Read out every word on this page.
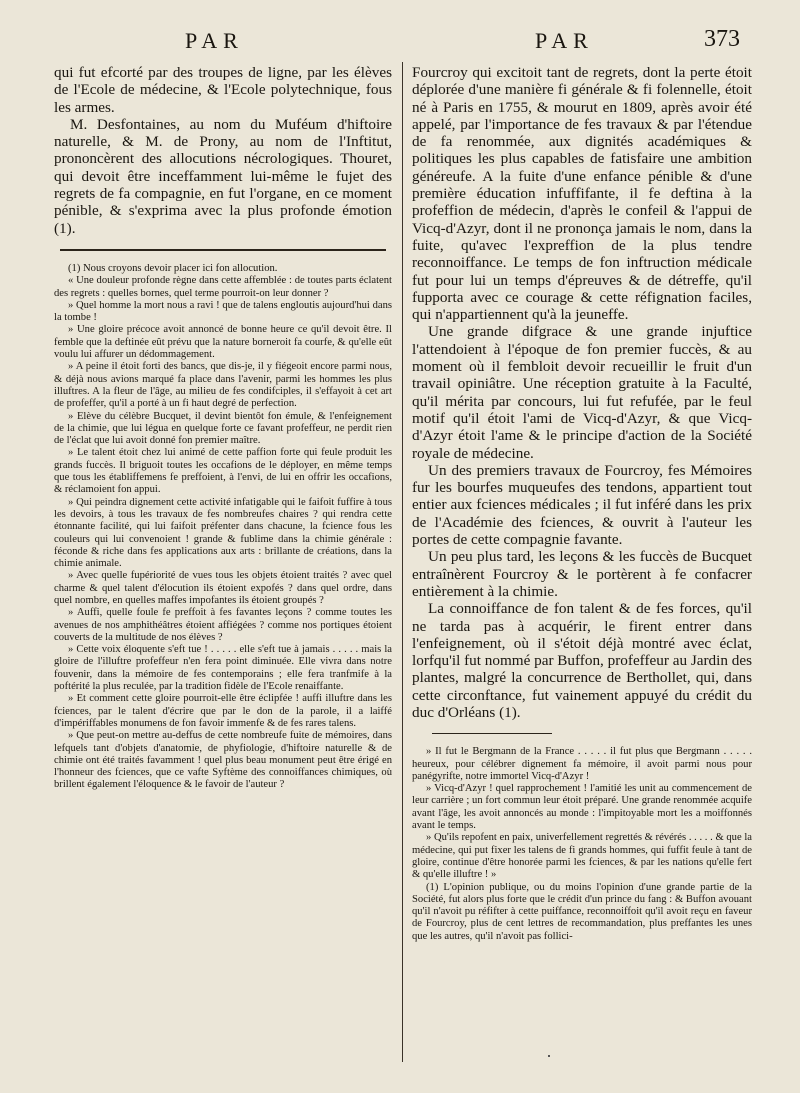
PAR	PAR	373

qui fut efcorté par des troupes de ligne, par les élèves de l'Ecole de médecine, & l'Ecole polytechnique, fous les armes.

M. Desfontaines, au nom du Muféum d'hiftoire naturelle, & M. de Prony, au nom de l'Inftitut, prononcèrent des allocutions nécrologiques. Thouret, qui devoit être inceffamment lui-même le fujet des regrets de fa compagnie, en fut l'organe, en ce moment pénible, & s'exprima avec la plus profonde émotion (1).

(1) Nous croyons devoir placer ici fon allocution.

« Une douleur profonde règne dans cette affemblée : de toutes parts éclatent des regrets : quelles bornes, quel terme pourroit-on leur donner ?

» Quel homme la mort nous a ravi ! que de talens engloutis aujourd'hui dans la tombe !

» Une gloire précoce avoit annoncé de bonne heure ce qu'il devoit être. Il femble que la deftinée eût prévu que la nature borneroit fa courfe, & qu'elle eût voulu lui affurer un dédommagement.

» A peine il étoit forti des bancs, que dis-je, il y fiégeoit encore parmi nous, & déjà nous avions marqué fa place dans l'avenir, parmi les hommes les plus illuftres. A la fleur de l'âge, au milieu de fes condifciples, il s'effayoit à cet art de profeffer, qu'il a porté à un fi haut degré de perfection.

» Elève du célèbre Bucquet, il devint bientôt fon émule, & l'enfeignement de la chimie, que lui légua en quelque forte ce favant profeffeur, ne perdit rien de l'éclat que lui avoit donné fon premier maître.

» Le talent étoit chez lui animé de cette paffion forte qui feule produit les grands fuccès. Il briguoit toutes les occafions de le déployer, en même temps que tous les établiffemens fe preffoient, à l'envi, de lui en offrir les occafions, & réclamoient fon appui.

» Qui peindra dignement cette activité infatigable qui le faifoit fuffire à tous les devoirs, à tous les travaux de fes nombreufes chaires ? qui rendra cette étonnante facilité, qui lui faifoit préfenter dans chacune, la fcience fous les couleurs qui lui convenoient ! grande & fublime dans la chimie générale : féconde & riche dans fes applications aux arts : brillante de créations, dans la chimie animale.

» Avec quelle fupériorité de vues tous les objets étoient traités ? avec quel charme & quel talent d'élocution ils étoient expofés ? dans quel ordre, dans quel nombre, en quelles maffes impofantes ils étoient groupés ?

» Auffi, quelle foule fe preffoit à fes favantes leçons ? comme toutes les avenues de nos amphithéâtres étoient affiégées ? comme nos portiques étoient couverts de la multitude de nos élèves ?

» Cette voix éloquente s'eft tue ! . . . . . elle s'eft tue à jamais . . . . . mais la gloire de l'illuftre profeffeur n'en fera point diminuée. Elle vivra dans notre fouvenir, dans la mémoire de fes contemporains ; elle fera tranfmife à la poftérité la plus reculée, par la tradition fidèle de l'Ecole renaiffante.

» Et comment cette gloire pourroit-elle être éclipfée ! auffi illuftre dans les fciences, par le talent d'écrire que par le don de la parole, il a laiffé d'impériffables monumens de fon favoir immenfe & de fes rares talens.

» Que peut-on mettre au-deffus de cette nombreufe fuite de mémoires, dans lefquels tant d'objets d'anatomie, de phyfiologie, d'hiftoire naturelle & de chimie ont été traités favamment ! quel plus beau monument peut être érigé en l'honneur des fciences, que ce vafte Syftème des connoiffances chimiques, où brillent également l'éloquence & le favoir de l'auteur ?

Fourcroy qui excitoit tant de regrets, dont la perte étoit déplorée d'une manière fi générale & fi folennelle, étoit né à Paris en 1755, & mourut en 1809, après avoir été appelé, par l'importance de fes travaux & par l'étendue de fa renommée, aux dignités académiques & politiques les plus capables de fatisfaire une ambition généreufe. A la fuite d'une enfance pénible & d'une première éducation infuffifante, il fe deftina à la profeffion de médecin, d'après le confeil & l'appui de Vicq-d'Azyr, dont il ne prononça jamais le nom, dans la fuite, qu'avec l'expreffion de la plus tendre reconnoiffance. Le temps de fon inftruction médicale fut pour lui un temps d'épreuves & de détreffe, qu'il fupporta avec ce courage & cette réfignation faciles, qui n'appartiennent qu'à la jeuneffe.

Une grande difgrace & une grande injuftice l'attendoient à l'époque de fon premier fuccès, & au moment où il fembloit devoir recueillir le fruit d'un travail opiniâtre. Une réception gratuite à la Faculté, qu'il mérita par concours, lui fut refufée, par le feul motif qu'il étoit l'ami de Vicq-d'Azyr, & que Vicq-d'Azyr étoit l'ame & le principe d'action de la Société royale de médecine.

Un des premiers travaux de Fourcroy, fes Mémoires fur les bourfes muqueufes des tendons, appartient tout entier aux fciences médicales ; il fut inféré dans les prix de l'Académie des fciences, & ouvrit à l'auteur les portes de cette compagnie favante.

Un peu plus tard, les leçons & les fuccès de Bucquet entraînèrent Fourcroy & le portèrent à fe confacrer entièrement à la chimie.

La connoiffance de fon talent & de fes forces, qu'il ne tarda pas à acquérir, le firent entrer dans l'enfeignement, où il s'étoit déjà montré avec éclat, lorfqu'il fut nommé par Buffon, profeffeur au Jardin des plantes, malgré la concurrence de Berthollet, qui, dans cette circonftance, fut vainement appuyé du crédit du duc d'Orléans (1).

» Il fut le Bergmann de la France . . . . . il fut plus que Bergmann . . . . . heureux, pour célébrer dignement fa mémoire, il avoit parmi nous pour panégyrifte, notre immortel Vicq-d'Azyr !

» Vicq-d'Azyr ! quel rapprochement ! l'amitié les unit au commencement de leur carrière ; un fort commun leur étoit préparé. Une grande renommée acquife avant l'âge, les avoit annoncés au monde : l'impitoyable mort les a moiffonnés avant le temps.

» Qu'ils repofent en paix, univerfellement regrettés & révérés . . . . . & que la médecine, qui put fixer les talens de fi grands hommes, qui fuffit feule à tant de gloire, continue d'être honorée parmi les fciences, & par les nations qu'elle fert & qu'elle illuftre ! »

(1) L'opinion publique, ou du moins l'opinion d'une grande partie de la Société, fut alors plus forte que le crédit d'un prince du fang : & Buffon avouant qu'il n'avoit pu réfifter à cette puiffance, reconnoiffoit qu'il avoit reçu en faveur de Fourcroy, plus de cent lettres de recommandation, plus preffantes les unes que les autres, qu'il n'avoit pas follici-
